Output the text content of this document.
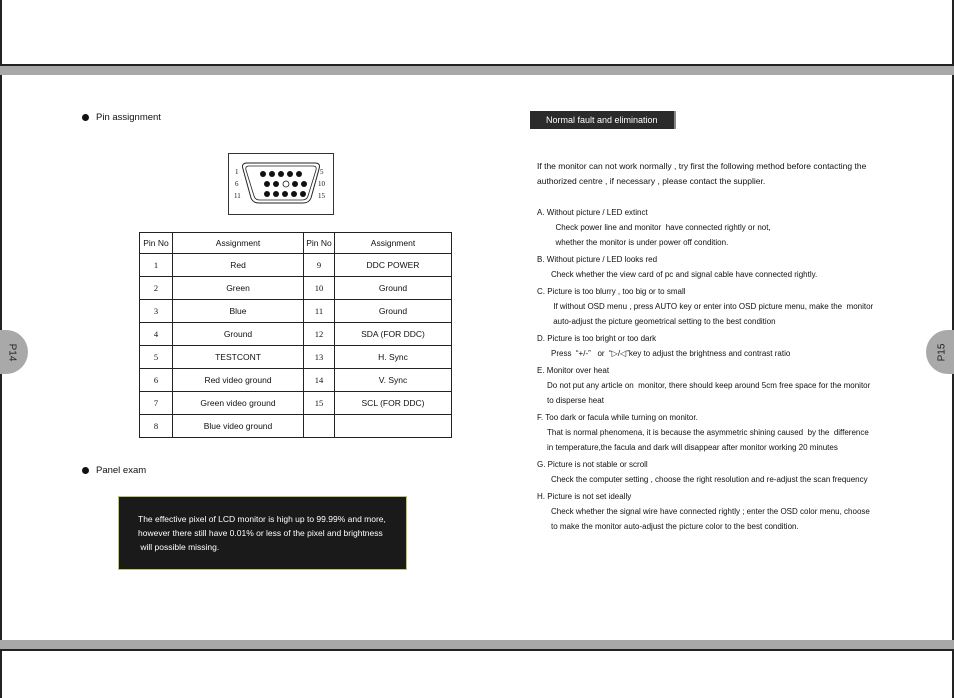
P14	P15
Pin assignment
1
6
11
5
10
15
Pin No	Assignment	Pin No	Assignment
1	Red	9	DDC POWER
2	Green	10	Ground
3	Blue	11	Ground
4	Ground	12	SDA (FOR DDC)
5	TESTCONT	13	H. Sync
6	Red video ground	14	V. Sync
7	Green video ground	15	SCL (FOR DDC)
8	Blue video ground		
Panel exam

The effective pixel of LCD monitor is high up to 99.99% and more,

however there still have 0.01% or less of the pixel and brightness

will possible missing.

Normal fault and elimination

If the monitor can not work normally , try first the following method before contacting the

authorized centre , if necessary , please contact the supplier.

A. Without picture / LED extinct

Check power line and monitor  have connected rightly or not,

whether the monitor is under power off condition.

B. Without picture / LED looks red

Check whether the view card of pc and signal cable have connected rightly.

C. Picture is too blurry , too big or to small

If without OSD menu , press AUTO key or enter into OSD picture menu, make the  monitor

auto-adjust the picture geometrical setting to the best condition

D. Picture is too bright or too dark

Press  “+/-”   or  “▷/◁”key to adjust the brightness and contrast ratio

E. Monitor over heat

Do not put any article on  monitor, there should keep around 5cm free space for the monitor

to disperse heat

F. Too dark or facula while turning on monitor.

That is normal phenomena, it is because the asymmetric shining caused  by the  difference

in temperature,the facula and dark will disappear after monitor working 20 minutes

G. Picture is not stable or scroll

Check the computer setting , choose the right resolution and re-adjust the scan frequency

H. Picture is not set ideally

Check whether the signal wire have connected rightly ; enter the OSD color menu, choose

to make the monitor auto-adjust the picture color to the best condition.
